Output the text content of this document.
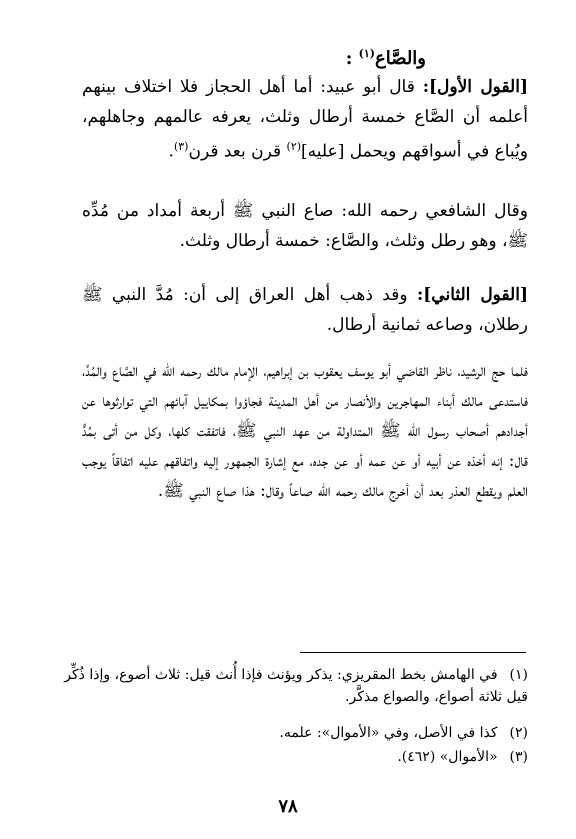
والصَّاع$^{(١)}$ :
[القول الأول]: قال أبو عبيد: أما أهل الحجاز فلا اختلاف بينهم أعلمه أن الصَّاع خمسة أرطال وثلث، يعرفه عالمهم وجاهلهم، ويُباع في أسواقهم ويحمل [عليه]$^{(٢)}$ قرن بعد قرن$^{(٣)}$.
وقال الشافعي رحمه الله: صاع النبي ﷺ أربعة أمداد من مُدِّه ﷺ، وهو رطل وثلث، والصَّاع: خمسة أرطال وثلث.
[القول الثاني]: وقد ذهب أهل العراق إلى أن: مُدَّ النبي ﷺ رطلان، وصاعه ثمانية أرطال.
فلما حج الرشيد، ناظر القاضي أبو يوسف يعقوب بن إبراهيم، الإمام مالك رحمه الله في الصَّاع والمُدِّ، فاستدعى مالك أبناء المهاجرين والأنصار من أهل المدينة فجاؤوا بمكاييل آبائهم التي توارثوها عن أجدادهم أصحاب رسول الله ﷺ المتداولة من عهد النبي ﷺ، فاتفقت كلها، وكل من أتى بمُدٍّ قال: إنه أخذه عن أبيه أو عن عمه أو عن جده، مع إشارة الجمهور إليه واتفاقهم عليه اتفاقاً يوجب العلم ويقطع العذر بعد أن أخرج مالك رحمه الله صاعاً وقال: هذا صاع النبي ﷺ.
(١) في الهامش بخط المقريزي: يذكر ويؤنث فإذا أُنث قيل: ثلاث أصوع، وإذا ذُكِّر قيل ثلاثة أصواع، والصواع مذكَّر.
(٢) كذا في الأصل، وفي «الأموال»: علمه.
(٣) «الأموال» (٤٦٢).
٧٨
